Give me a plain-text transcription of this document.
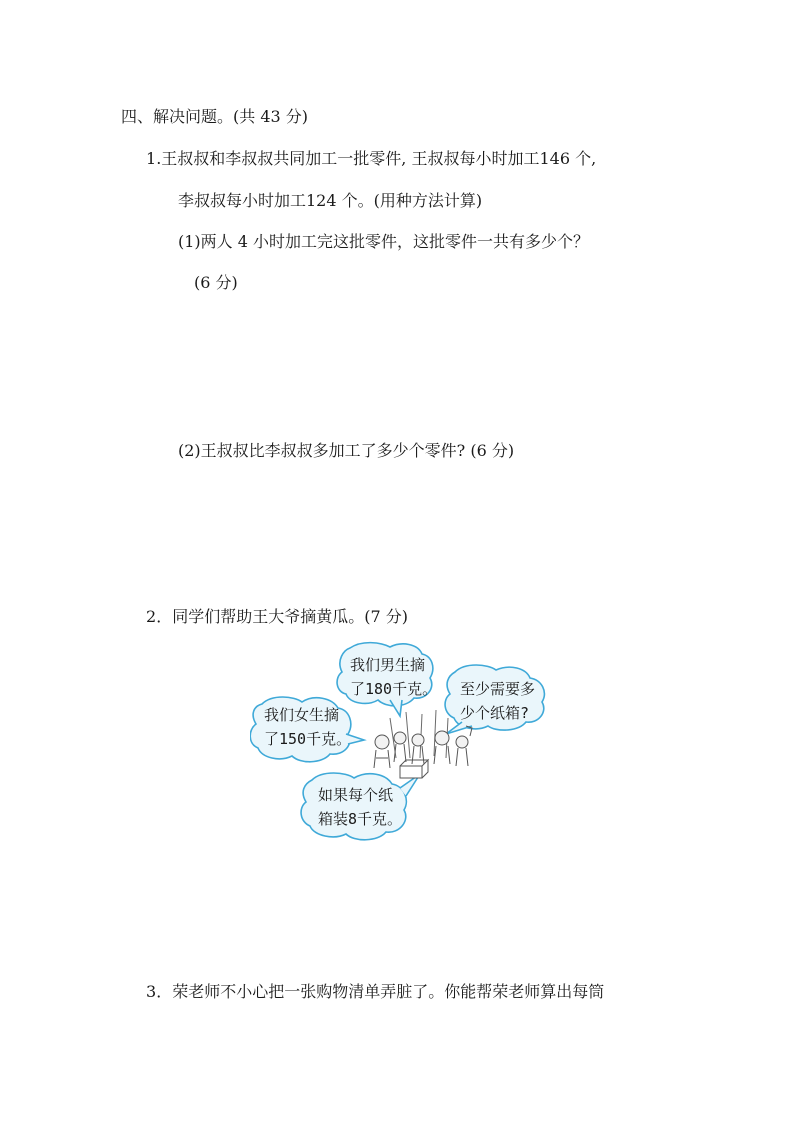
四、解决问题。(共 43 分)
1.王叔叔和李叔叔共同加工一批零件, 王叔叔每小时加工146 个,
李叔叔每小时加工124 个。(用种方法计算)
(1)两人 4 小时加工完这批零件，这批零件一共有多少个？
(6 分)
(2)王叔叔比李叔叔多加工了多少个零件? (6 分)
2．同学们帮助王大爷摘黄瓜。(7 分)
我们男生摘
了180千克。 至少需要多
少个纸箱?
我们女生摘
了150千克。
如果每个纸
箱装8千克。
3．荣老师不小心把一张购物清单弄脏了。你能帮荣老师算出每筒
